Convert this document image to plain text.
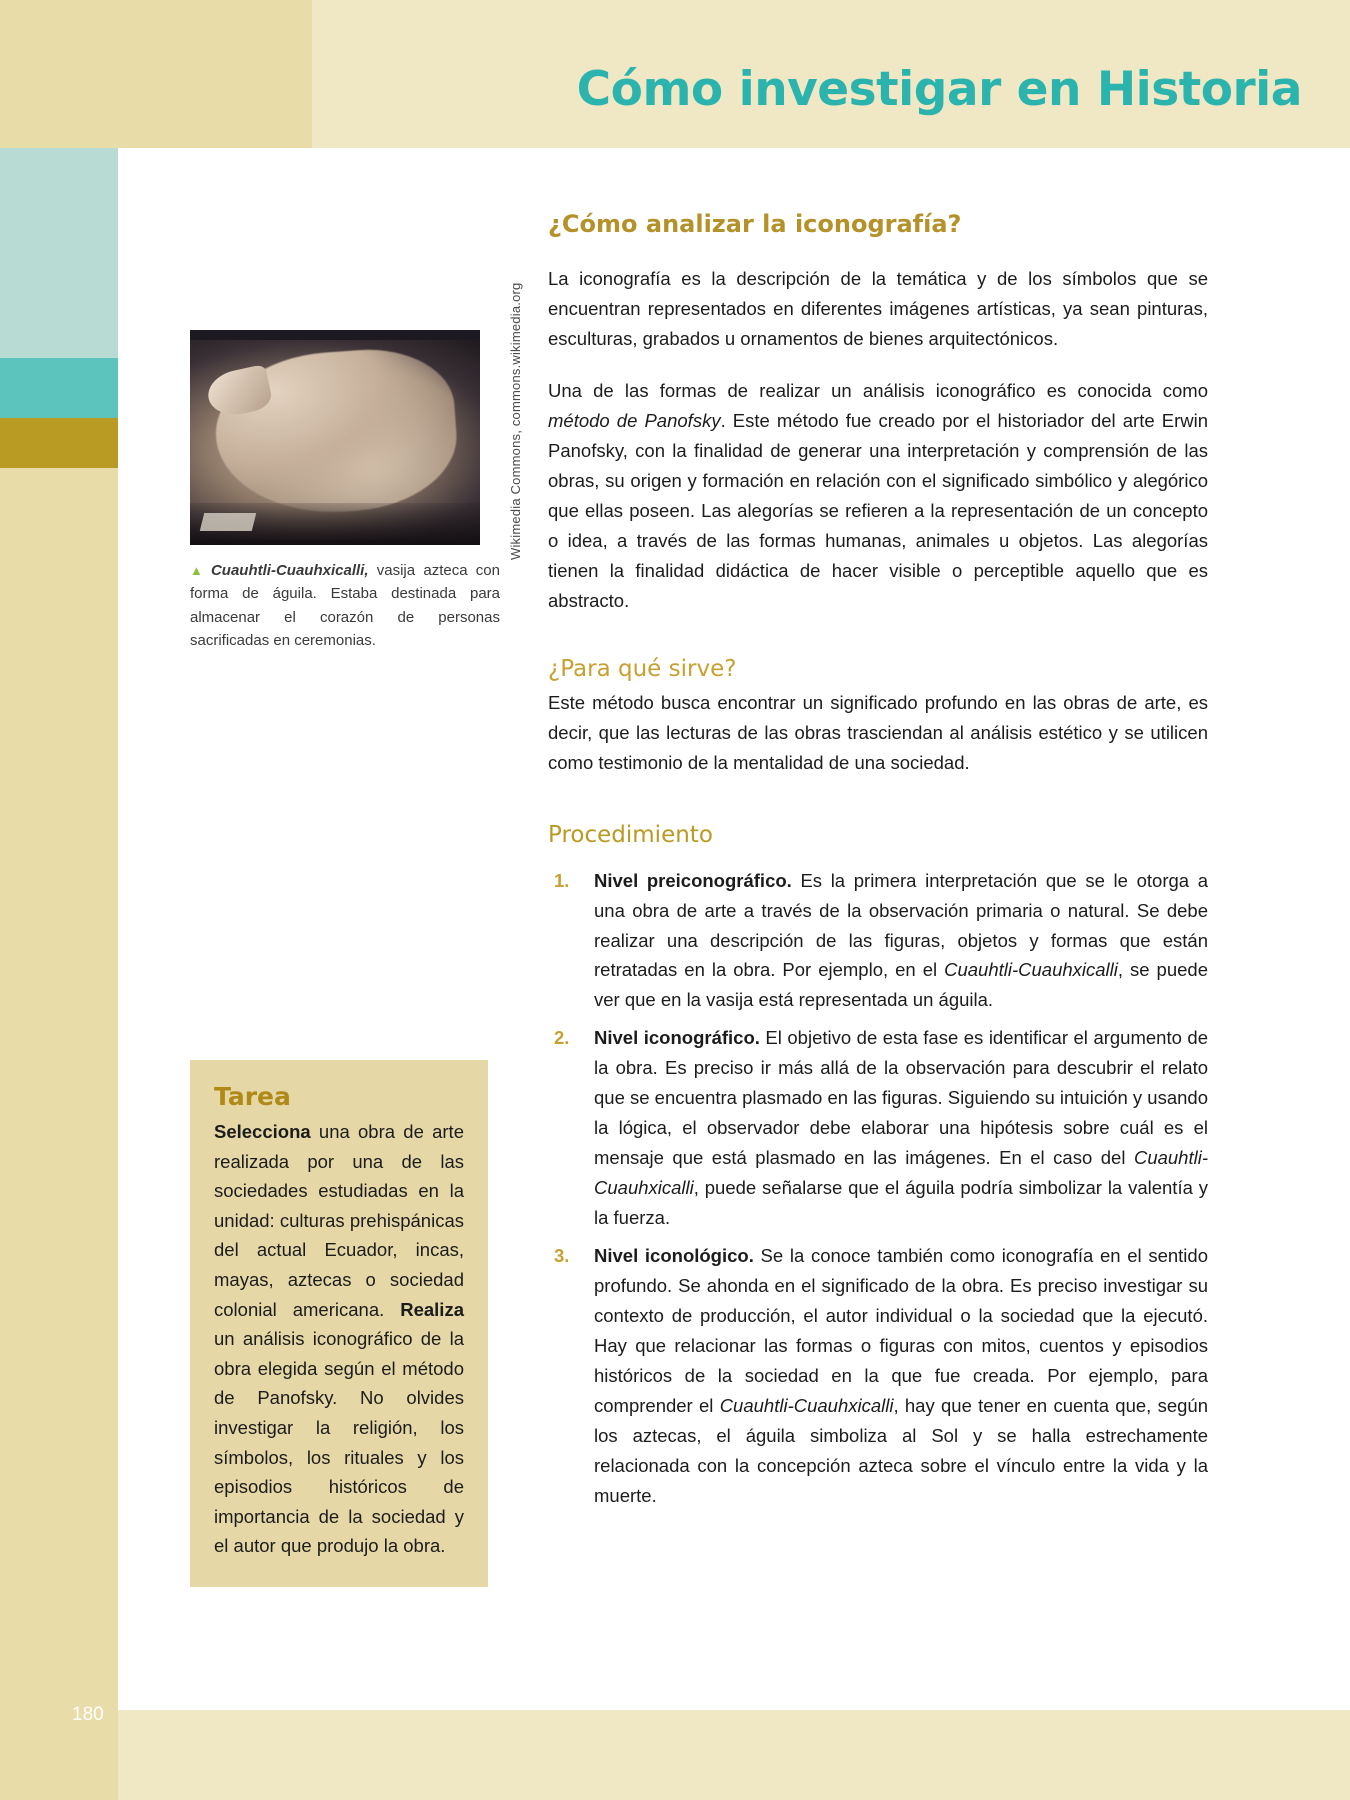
Cómo investigar en Historia
180

▲ Cuauhtli-Cuauhxicalli, vasija azteca con forma de águila. Estaba destinada para almacenar el corazón de personas sacrificadas en ceremonias.

Wikimedia Commons, commons.wikimedia.org

Tarea

Selecciona una obra de arte realizada por una de las sociedades estudiadas en la unidad: culturas prehispánicas del actual Ecuador, incas, mayas, aztecas o sociedad colonial americana. Realiza un análisis iconográfico de la obra elegida según el método de Panofsky. No olvides investigar la religión, los símbolos, los rituales y los episodios históricos de importancia de la sociedad y el autor que produjo la obra.

¿Cómo analizar la iconografía?

La iconografía es la descripción de la temática y de los símbolos que se encuentran representados en diferentes imágenes artísticas, ya sean pinturas, esculturas, grabados u ornamentos de bienes arquitectónicos.

Una de las formas de realizar un análisis iconográfico es conocida como método de Panofsky. Este método fue creado por el historiador del arte Erwin Panofsky, con la finalidad de generar una interpretación y comprensión de las obras, su origen y formación en relación con el significado simbólico y alegórico que ellas poseen. Las alegorías se refieren a la representación de un concepto o idea, a través de las formas humanas, animales u objetos. Las alegorías tienen la finalidad didáctica de hacer visible o perceptible aquello que es abstracto.

¿Para qué sirve?

Este método busca encontrar un significado profundo en las obras de arte, es decir, que las lecturas de las obras trasciendan al análisis estético y se utilicen como testimonio de la mentalidad de una sociedad.

Procedimiento
1. Nivel preiconográfico. Es la primera interpretación que se le otorga a una obra de arte a través de la observación primaria o natural. Se debe realizar una descripción de las figuras, objetos y formas que están retratadas en la obra. Por ejemplo, en el Cuauhtli-Cuauhxicalli, se puede ver que en la vasija está representada un águila.
2. Nivel iconográfico. El objetivo de esta fase es identificar el argumento de la obra. Es preciso ir más allá de la observación para descubrir el relato que se encuentra plasmado en las figuras. Siguiendo su intuición y usando la lógica, el observador debe elaborar una hipótesis sobre cuál es el mensaje que está plasmado en las imágenes. En el caso del Cuauhtli-Cuauhxicalli, puede señalarse que el águila podría simbolizar la valentía y la fuerza.
3. Nivel iconológico. Se la conoce también como iconografía en el sentido profundo. Se ahonda en el significado de la obra. Es preciso investigar su contexto de producción, el autor individual o la sociedad que la ejecutó. Hay que relacionar las formas o figuras con mitos, cuentos y episodios históricos de la sociedad en la que fue creada. Por ejemplo, para comprender el Cuauhtli-Cuauhxicalli, hay que tener en cuenta que, según los aztecas, el águila simboliza al Sol y se halla estrechamente relacionada con la concepción azteca sobre el vínculo entre la vida y la muerte.
